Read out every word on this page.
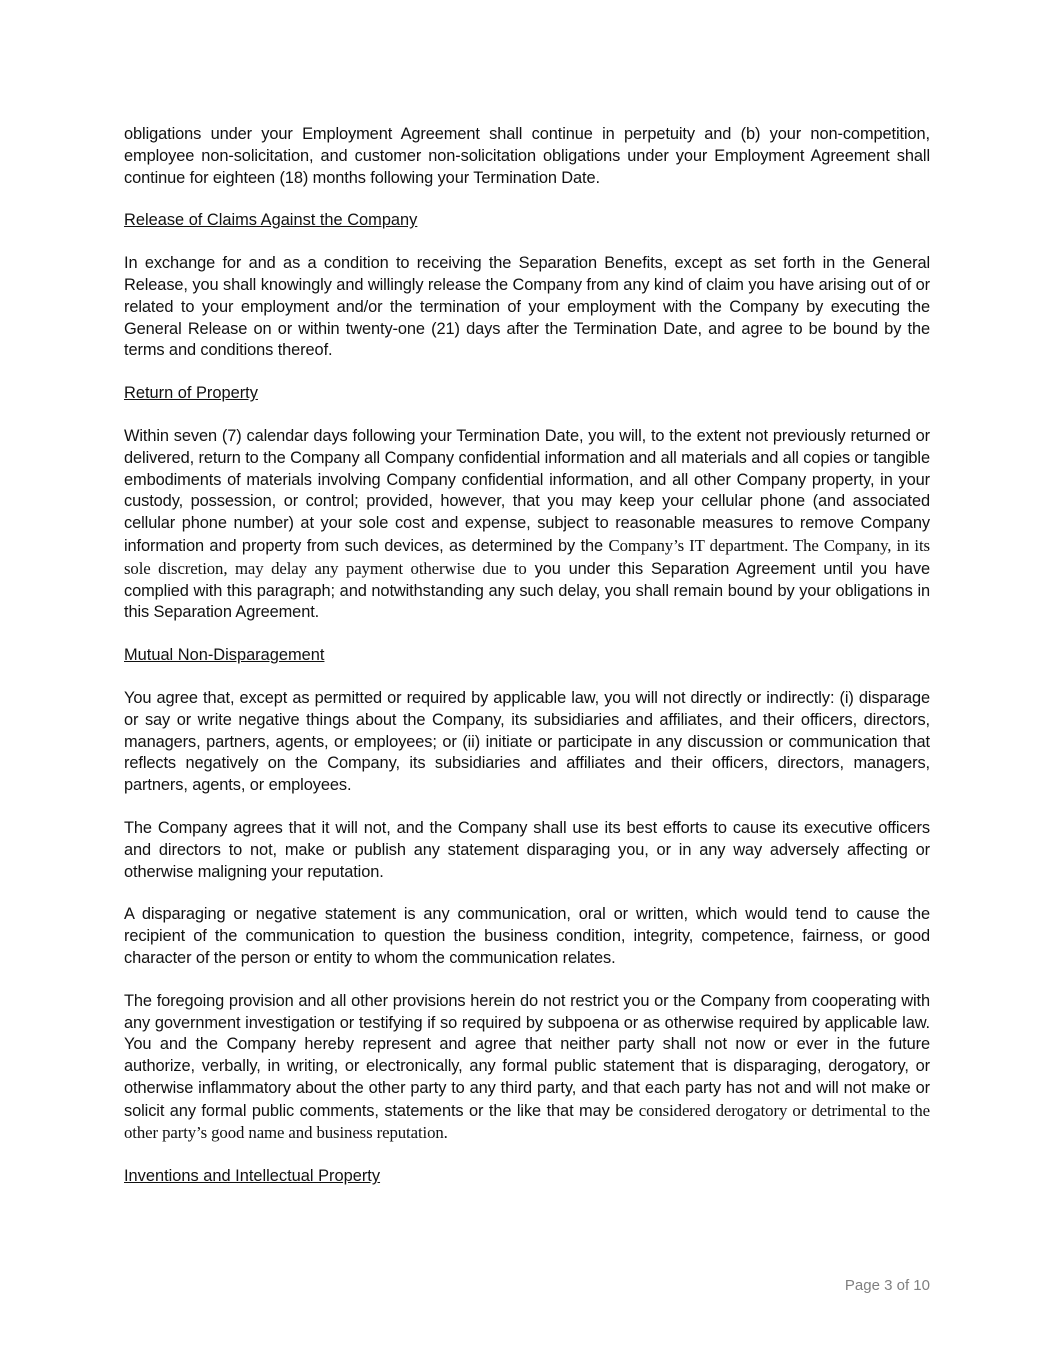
obligations under your Employment Agreement shall continue in perpetuity and (b) your non-competition, employee non-solicitation, and customer non-solicitation obligations under your Employment Agreement shall continue for eighteen (18) months following your Termination Date.

Release of Claims Against the Company

In exchange for and as a condition to receiving the Separation Benefits, except as set forth in the General Release, you shall knowingly and willingly release the Company from any kind of claim you have arising out of or related to your employment and/or the termination of your employment with the Company by executing the General Release on or within twenty-one (21) days after the Termination Date, and agree to be bound by the terms and conditions thereof.

Return of Property

Within seven (7) calendar days following your Termination Date, you will, to the extent not previously returned or delivered, return to the Company all Company confidential information and all materials and all copies or tangible embodiments of materials involving Company confidential information, and all other Company property, in your custody, possession, or control; provided, however, that you may keep your cellular phone (and associated cellular phone number) at your sole cost and expense, subject to reasonable measures to remove Company information and property from such devices, as determined by the Company’s IT department. The Company, in its sole discretion, may delay any payment otherwise due to you under this Separation Agreement until you have complied with this paragraph; and notwithstanding any such delay, you shall remain bound by your obligations in this Separation Agreement.

Mutual Non-Disparagement

You agree that, except as permitted or required by applicable law, you will not directly or indirectly: (i) disparage or say or write negative things about the Company, its subsidiaries and affiliates, and their officers, directors, managers, partners, agents, or employees; or (ii) initiate or participate in any discussion or communication that reflects negatively on the Company, its subsidiaries and affiliates and their officers, directors, managers, partners, agents, or employees.

The Company agrees that it will not, and the Company shall use its best efforts to cause its executive officers and directors to not, make or publish any statement disparaging you, or in any way adversely affecting or otherwise maligning your reputation.

A disparaging or negative statement is any communication, oral or written, which would tend to cause the recipient of the communication to question the business condition, integrity, competence, fairness, or good character of the person or entity to whom the communication relates.

The foregoing provision and all other provisions herein do not restrict you or the Company from cooperating with any government investigation or testifying if so required by subpoena or as otherwise required by applicable law. You and the Company hereby represent and agree that neither party shall not now or ever in the future authorize, verbally, in writing, or electronically, any formal public statement that is disparaging, derogatory, or otherwise inflammatory about the other party to any third party, and that each party has not and will not make or solicit any formal public comments, statements or the like that may be considered derogatory or detrimental to the other party’s good name and business reputation.

Inventions and Intellectual Property

Page 3 of 10
